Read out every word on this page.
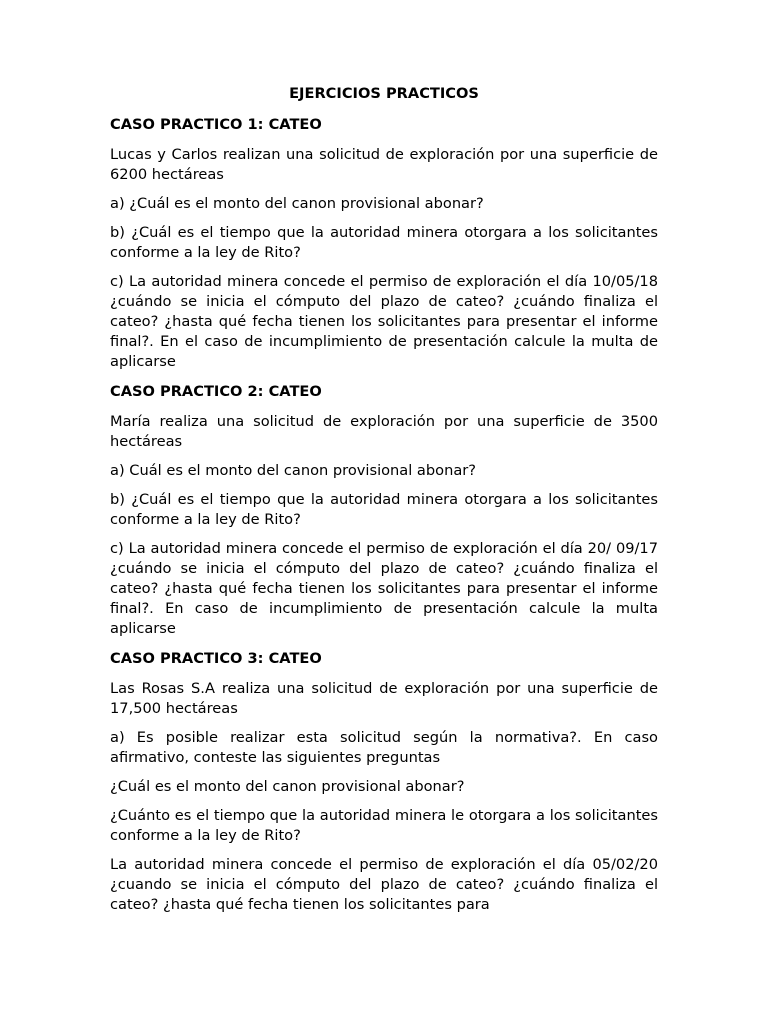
EJERCICIOS PRACTICOS
CASO PRACTICO 1: CATEO

Lucas y Carlos realizan una solicitud de exploración por una superficie de 6200 hectáreas

a) ¿Cuál es el monto del canon provisional abonar?

b) ¿Cuál es el tiempo que la autoridad minera otorgara a los solicitantes conforme a la ley de Rito?

c) La autoridad minera concede el permiso de exploración el día 10/05/18 ¿cuándo se inicia el cómputo del plazo de cateo? ¿cuándo finaliza el cateo? ¿hasta qué fecha tienen los solicitantes para presentar el informe final?. En el caso de incumplimiento de presentación calcule la multa de aplicarse

CASO PRACTICO 2: CATEO

María realiza una solicitud de exploración por una superficie de 3500 hectáreas

a) Cuál es el monto del canon provisional abonar?

b) ¿Cuál es el tiempo que la autoridad minera otorgara a los solicitantes conforme a la ley de Rito?

c) La autoridad minera concede el permiso de exploración el día 20/ 09/17 ¿cuándo se inicia el cómputo del plazo de cateo? ¿cuándo finaliza el cateo? ¿hasta qué fecha tienen los solicitantes para presentar el informe final?. En caso de incumplimiento de presentación calcule la multa aplicarse

CASO PRACTICO 3: CATEO

Las Rosas S.A realiza una solicitud de exploración por una superficie de 17,500 hectáreas

a) Es posible realizar esta solicitud según la normativa?. En caso afirmativo, conteste las siguientes preguntas

¿Cuál es el monto del canon provisional abonar?

¿Cuánto es el tiempo que la autoridad minera le otorgara a los solicitantes conforme a la ley de Rito?

La autoridad minera concede el permiso de exploración el día 05/02/20 ¿cuando se inicia el cómputo del plazo de cateo? ¿cuándo finaliza el cateo? ¿hasta qué fecha tienen los solicitantes para
